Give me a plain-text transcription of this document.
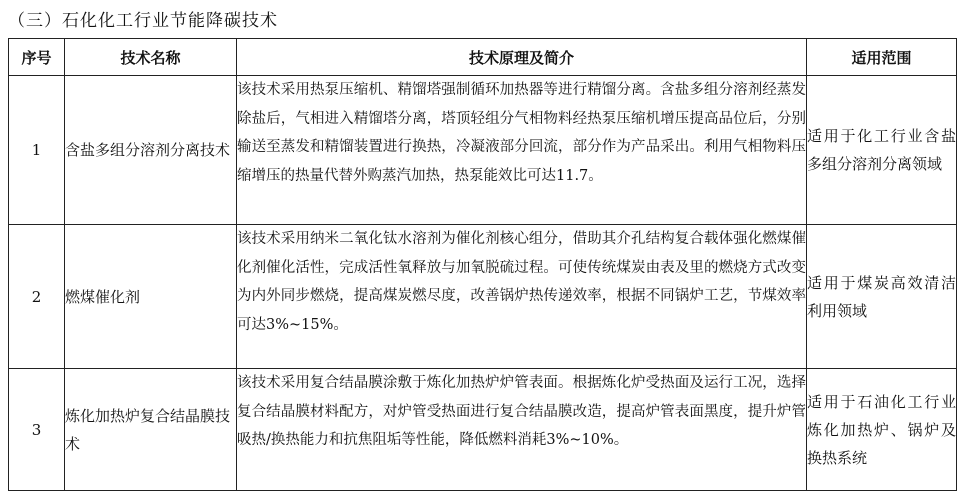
（三）石化化工行业节能降碳技术
序号	技术名称	技术原理及简介	适用范围
1	含盐多组分溶剂分离技术	该技术采用热泵压缩机、精馏塔强制循环加热器等进行精馏分离。含盐多组分溶剂经蒸发除盐后，气相进入精馏塔分离，塔顶轻组分气相物料经热泵压缩机增压提高品位后，分别输送至蒸发和精馏装置进行换热，冷凝液部分回流，部分作为产品采出。利用气相物料压缩增压的热量代替外购蒸汽加热，热泵能效比可达11.7。	适用于化工行业含盐多组分溶剂分离领域
2	燃煤催化剂	该技术采用纳米二氧化钛水溶剂为催化剂核心组分，借助其介孔结构复合载体强化燃煤催化剂催化活性，完成活性氧释放与加氧脱硫过程。可使传统煤炭由表及里的燃烧方式改变为内外同步燃烧，提高煤炭燃尽度，改善锅炉热传递效率，根据不同锅炉工艺，节煤效率可达3%~15%。	适用于煤炭高效清洁利用领域
3	炼化加热炉复合结晶膜技术	该技术采用复合结晶膜涂敷于炼化加热炉炉管表面。根据炼化炉受热面及运行工况，选择复合结晶膜材料配方，对炉管受热面进行复合结晶膜改造，提高炉管表面黑度，提升炉管吸热/换热能力和抗焦阻垢等性能，降低燃料消耗3%~10%。	适用于石油化工行业炼化加热炉、锅炉及换热系统
